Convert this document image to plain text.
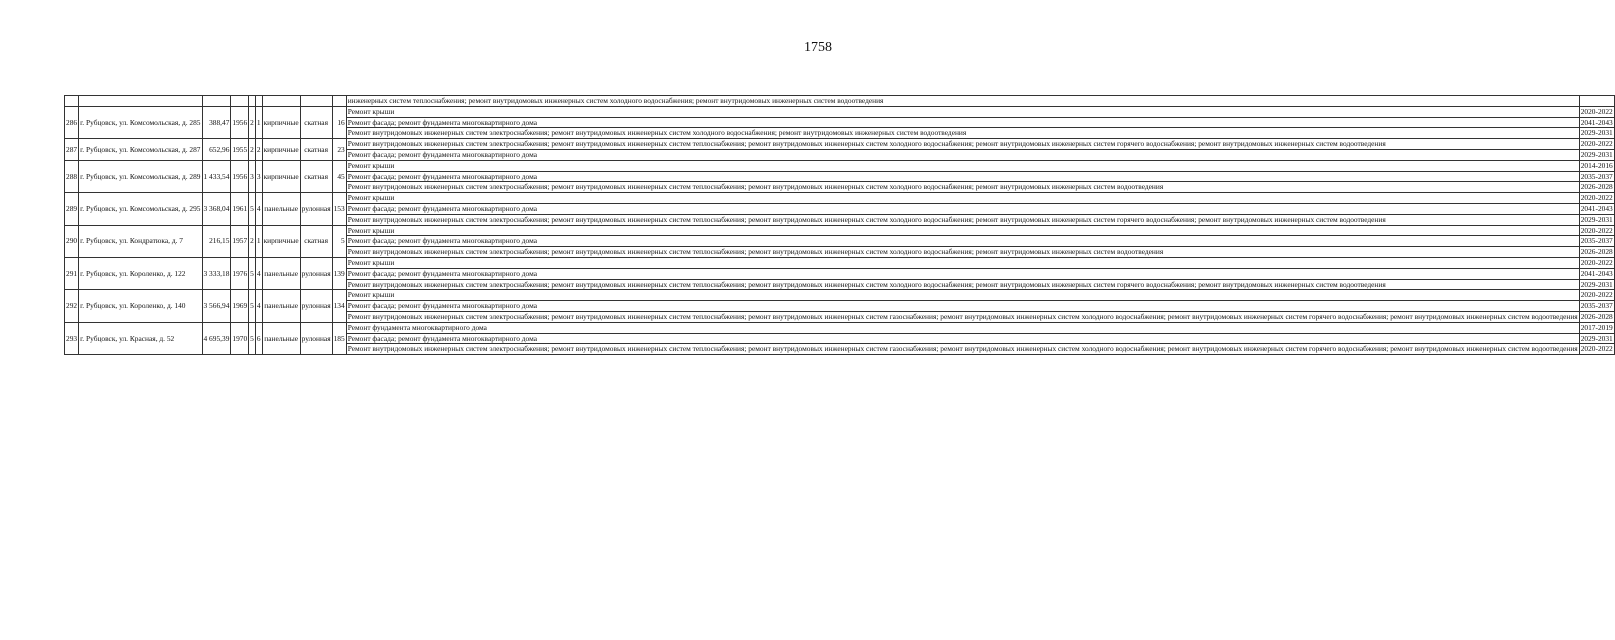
1758
									инженерных систем теплоснабжения; ремонт внутридомовых инженерных систем холодного водоснабжения; ремонт внутридомовых инженерных систем водоотведения	
286	г. Рубцовск, ул. Комсомольская, д. 285	388,47	1956	2	1	кирпичные	скатная	16	Ремонт крыши	2020-2022
									Ремонт фасада; ремонт фундамента многоквартирного дома	2041-2043
									Ремонт внутридомовых инженерных систем электроснабжения; ремонт внутридомовых инженерных систем холодного водоснабжения; ремонт внутридомовых инженерных систем водоотведения	2029-2031
287	г. Рубцовск, ул. Комсомольская, д. 287	652,96	1955	2	2	кирпичные	скатная	23	Ремонт внутридомовых инженерных систем электроснабжения; ремонт внутридомовых инженерных систем теплоснабжения; ремонт внутридомовых инженерных систем холодного водоснабжения; ремонт внутридомовых инженерных систем горячего водоснабжения; ремонт внутридомовых инженерных систем водоотведения	2020-2022
									Ремонт фасада; ремонт фундамента многоквартирного дома	2029-2031
288	г. Рубцовск, ул. Комсомольская, д. 289	1 433,54	1956	3	3	кирпичные	скатная	45	Ремонт крыши	2014-2016
									Ремонт фасада; ремонт фундамента многоквартирного дома	2035-2037
									Ремонт внутридомовых инженерных систем электроснабжения; ремонт внутридомовых инженерных систем теплоснабжения; ремонт внутридомовых инженерных систем холодного водоснабжения; ремонт внутридомовых инженерных систем водоотведения	2026-2028
289	г. Рубцовск, ул. Комсомольская, д. 295	3 368,04	1961	5	4	панельные	рулонная	153	Ремонт крыши	2020-2022
									Ремонт фасада; ремонт фундамента многоквартирного дома	2041-2043
									Ремонт внутридомовых инженерных систем электроснабжения; ремонт внутридомовых инженерных систем теплоснабжения; ремонт внутридомовых инженерных систем холодного водоснабжения; ремонт внутридомовых инженерных систем горячего водоснабжения; ремонт внутридомовых инженерных систем водоотведения	2029-2031
290	г. Рубцовск, ул. Кондратюка, д. 7	216,15	1957	2	1	кирпичные	скатная	5	Ремонт крыши	2020-2022
									Ремонт фасада; ремонт фундамента многоквартирного дома	2035-2037
									Ремонт внутридомовых инженерных систем электроснабжения; ремонт внутридомовых инженерных систем теплоснабжения; ремонт внутридомовых инженерных систем холодного водоснабжения; ремонт внутридомовых инженерных систем водоотведения	2026-2028
291	г. Рубцовск, ул. Короленко, д. 122	3 333,18	1976	5	4	панельные	рулонная	139	Ремонт крыши	2020-2022
									Ремонт фасада; ремонт фундамента многоквартирного дома	2041-2043
									Ремонт внутридомовых инженерных систем электроснабжения; ремонт внутридомовых инженерных систем теплоснабжения; ремонт внутридомовых инженерных систем холодного водоснабжения; ремонт внутридомовых инженерных систем горячего водоснабжения; ремонт внутридомовых инженерных систем водоотведения	2029-2031
292	г. Рубцовск, ул. Короленко, д. 140	3 566,94	1969	5	4	панельные	рулонная	134	Ремонт крыши	2020-2022
									Ремонт фасада; ремонт фундамента многоквартирного дома	2035-2037
									Ремонт внутридомовых инженерных систем электроснабжения; ремонт внутридомовых инженерных систем теплоснабжения; ремонт внутридомовых инженерных систем газоснабжения; ремонт внутридомовых инженерных систем холодного водоснабжения; ремонт внутридомовых инженерных систем горячего водоснабжения; ремонт внутридомовых инженерных систем водоотведения	2026-2028
293	г. Рубцовск, ул. Красная, д. 52	4 695,39	1970	5	6	панельные	рулонная	185	Ремонт фундамента многоквартирного дома	2017-2019
									Ремонт фасада; ремонт фундамента многоквартирного дома	2029-2031
									Ремонт внутридомовых инженерных систем электроснабжения; ремонт внутридомовых инженерных систем теплоснабжения; ремонт внутридомовых инженерных систем газоснабжения; ремонт внутридомовых инженерных систем холодного водоснабжения; ремонт внутридомовых инженерных систем горячего водоснабжения; ремонт внутридомовых инженерных систем водоотведения	2020-2022
